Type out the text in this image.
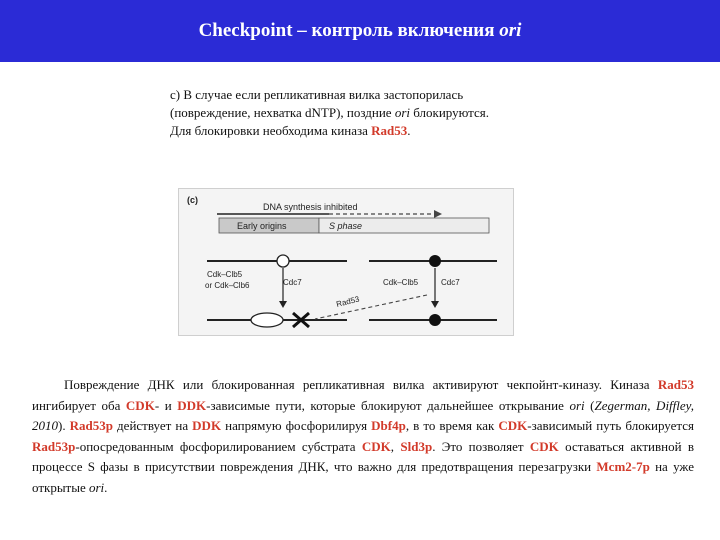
Checkpoint – контроль включения ori
c) В случае если репликативная вилка застопорилась
(повреждение, нехватка dNTP), поздние ori блокируются.
Для блокировки необходима киназа Rad53.
(c)
DNA synthesis inhibited
Early origins	S phase
Cdk–Clb5
or Cdk–Clb6	Cdc7
Rad53
Cdk–Clb5	Cdc7

Повреждение ДНК или блокированная репликативная вилка активируют чекпойнт-киназу. Киназа Rad53 ингибирует оба CDK- и DDK-зависимые пути, которые блокируют дальнейшее открывание ori (Zegerman, Diffley, 2010). Rad53p действует на DDK напрямую фосфорилируя Dbf4p, в то время как CDK-зависимый путь блокируется Rad53p-опосредованным фосфорилированием субстрата CDK, Sld3p. Это позволяет CDK оставаться активной в процессе S фазы в присутствии повреждения ДНК, что важно для предотвращения перезагрузки Mcm2-7p на уже открытые ori.
